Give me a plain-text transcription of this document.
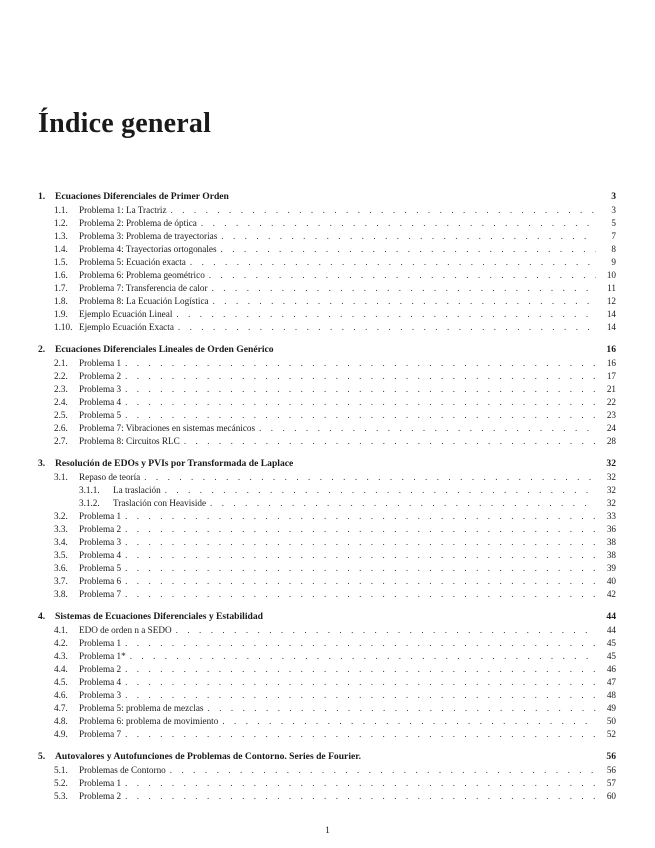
Índice general
1.	Ecuaciones Diferenciales de Primer Orden	3
1.1.	Problema 1: La Tractriz . . .	3
1.2.	Problema 2: Problema de óptica . . .	5
1.3.	Problema 3: Problema de trayectorias . . .	7
1.4.	Problema 4: Trayectorias ortogonales . . .	8
1.5.	Problema 5: Ecuación exacta . . .	9
1.6.	Problema 6: Problema geométrico . . .	10
1.7.	Problema 7: Transferencia de calor . . .	11
1.8.	Problema 8: La Ecuación Logística . . .	12
1.9.	Ejemplo Ecuación Lineal . . .	14
1.10. Ejemplo Ecuación Exacta . . .	14
2.	Ecuaciones Diferenciales Lineales de Orden Genérico	16
2.1.	Problema 1 . . .	16
2.2.	Problema 2 . . .	17
2.3.	Problema 3 . . .	21
2.4.	Problema 4 . . .	22
2.5.	Problema 5 . . .	23
2.6.	Problema 7: Vibraciones en sistemas mecánicos . . .	24
2.7.	Problema 8: Circuitos RLC . . .	28
3.	Resolución de EDOs y PVIs por Transformada de Laplace	32
3.1.	Repaso de teoría . . .	32
3.1.1.	La traslación . . .	32
3.1.2.	Traslación con Heaviside . . .	32
3.2.	Problema 1 . . .	33
3.3.	Problema 2 . . .	36
3.4.	Problema 3 . . .	38
3.5.	Problema 4 . . .	38
3.6.	Problema 5 . . .	39
3.7.	Problema 6 . . .	40
3.8.	Problema 7 . . .	42
4.	Sistemas de Ecuaciones Diferenciales y Estabilidad	44
4.1.	EDO de orden n a SEDO . . .	44
4.2.	Problema 1 . . .	45
4.3.	Problema 1* . . .	45
4.4.	Problema 2 . . .	46
4.5.	Problema 4 . . .	47
4.6.	Problema 3 . . .	48
4.7.	Problema 5: problema de mezclas . . .	49
4.8.	Problema 6: problema de movimiento . . .	50
4.9.	Problema 7 . . .	52
5.	Autovalores y Autofunciones de Problemas de Contorno. Series de Fourier.	56
5.1.	Problemas de Contorno . . .	56
5.2.	Problema 1 . . .	57
5.3.	Problema 2 . . .	60
1
